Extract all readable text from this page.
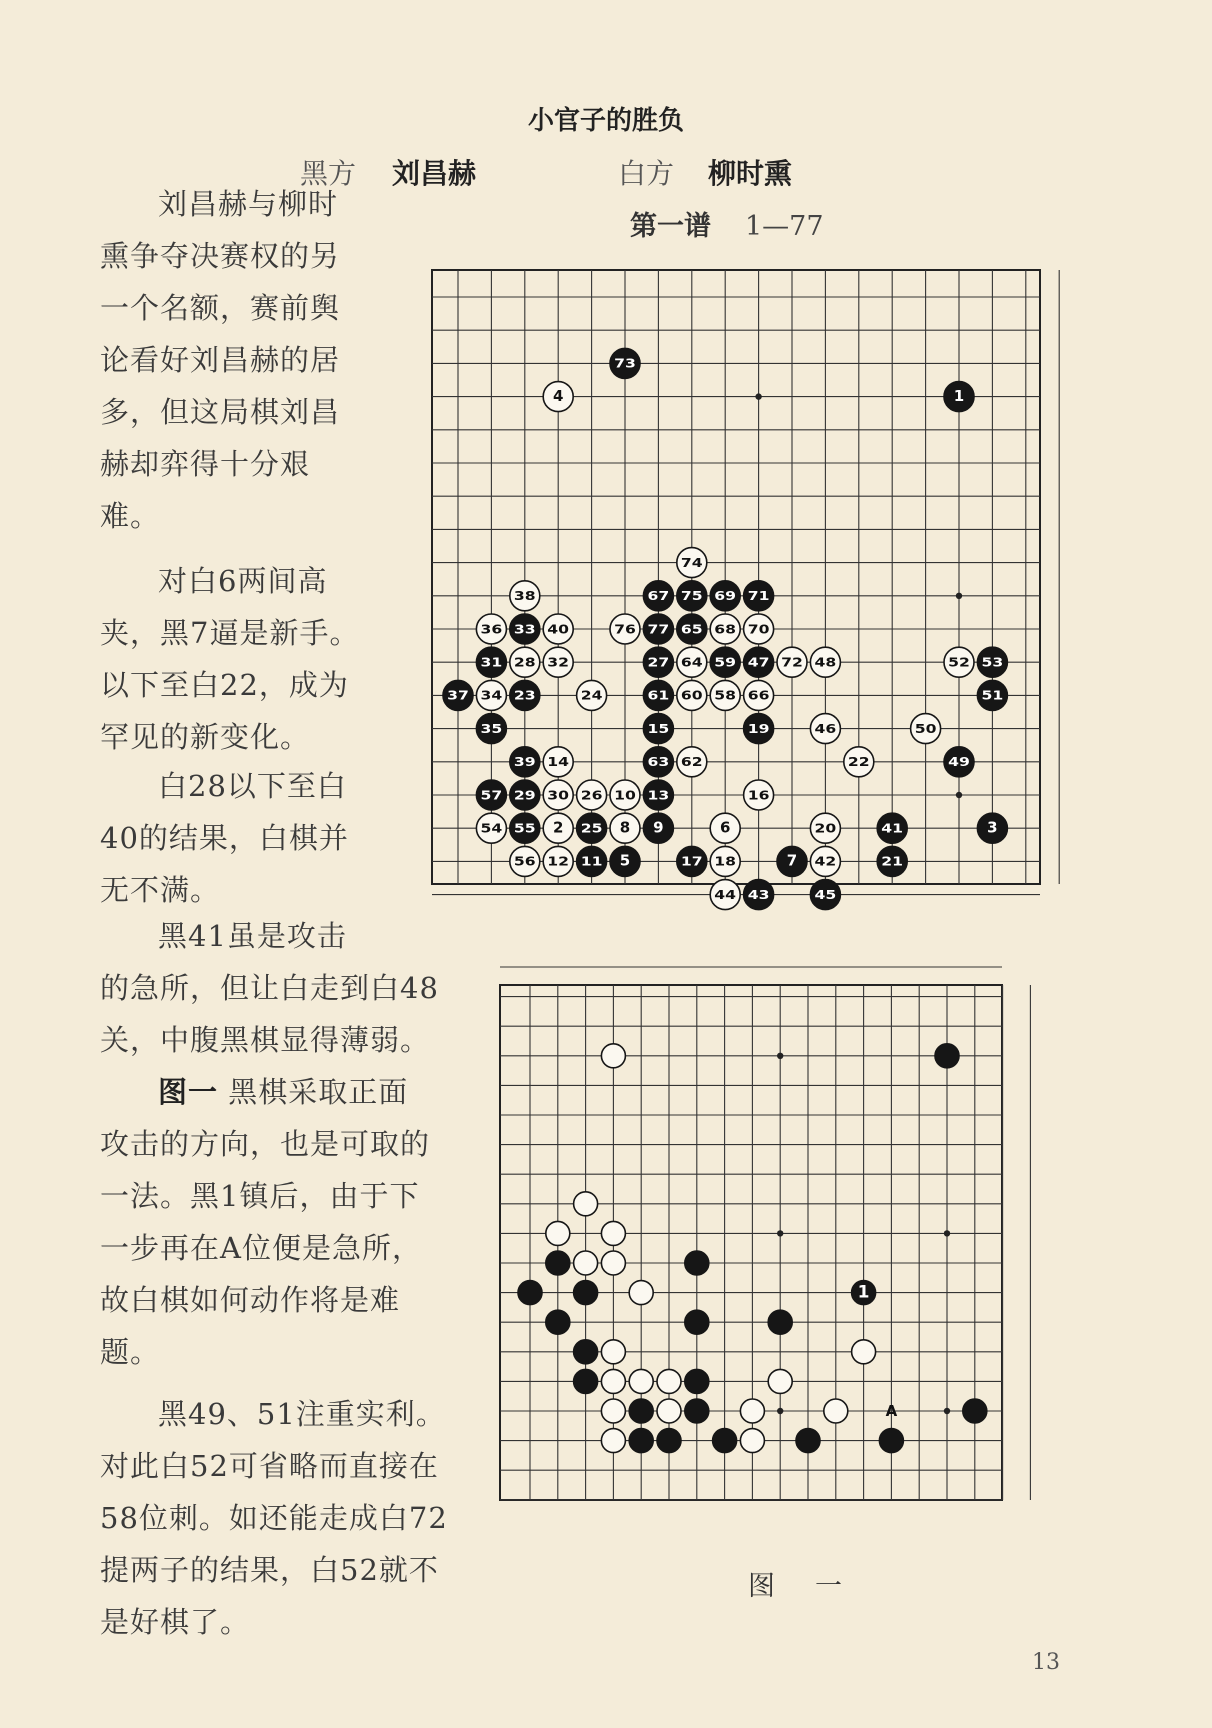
小官子的胜负
黑方 刘昌赫	白方 柳时熏
第一谱 1—77
刘昌赫与柳时
熏争夺决赛权的另
一个名额，赛前舆
论看好刘昌赫的居
多，但这局棋刘昌
赫却弈得十分艰
难。
对白6两间高
夹，黑7逼是新手。
以下至白22，成为
罕见的新变化。
白28以下至白
40的结果，白棋并
无不满。
黑41虽是攻击
的急所，但让白走到白48
关，中腹黑棋显得薄弱。
图一 黑棋采取正面
攻击的方向，也是可取的
一法。黑1镇后，由于下
一步再在A位便是急所，
故白棋如何动作将是难
题。
黑49、51注重实利。
对此白52可省略而直接在
58位刺。如还能走成白72
提两子的结果，白52就不
是好棋了。
1
2	3
4
5
6
7
8 9
10
11
12
13
14
15
16
17 18
19
20
21
22
23	24
25
26
27
28
29 30
31	32
33
34
35
36
37
38
39
40
41
42
43
44	45
46
47	48
49
50
51
52 53
54 55
56
57
58
59
60
61
62
63
64
65
66
67
68
69
70
71
72
73
74
75
76 77
1
A
图一
13
